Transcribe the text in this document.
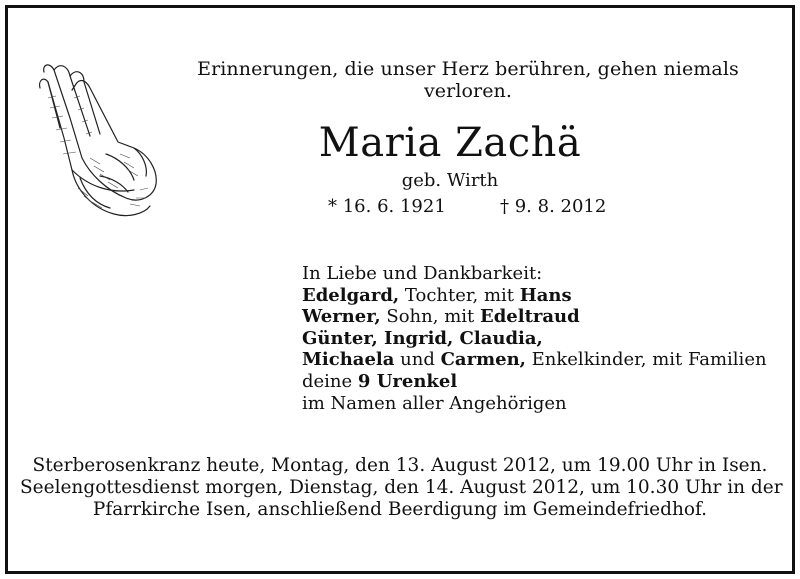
Erinnerungen, die unser Herz berühren, gehen niemals verloren.
Maria Zachä
geb. Wirth
* 16. 6. 1921	† 9. 8. 2012
In Liebe und Dankbarkeit:
Edelgard, Tochter, mit Hans
Werner, Sohn, mit Edeltraud
Günter, Ingrid, Claudia,
Michaela und Carmen, Enkelkinder, mit Familien
deine 9 Urenkel
im Namen aller Angehörigen
Sterberosenkranz heute, Montag, den 13. August 2012, um 19.00 Uhr in Isen.
Seelengottesdienst morgen, Dienstag, den 14. August 2012, um 10.30 Uhr in der
Pfarrkirche Isen, anschließend Beerdigung im Gemeindefriedhof.
